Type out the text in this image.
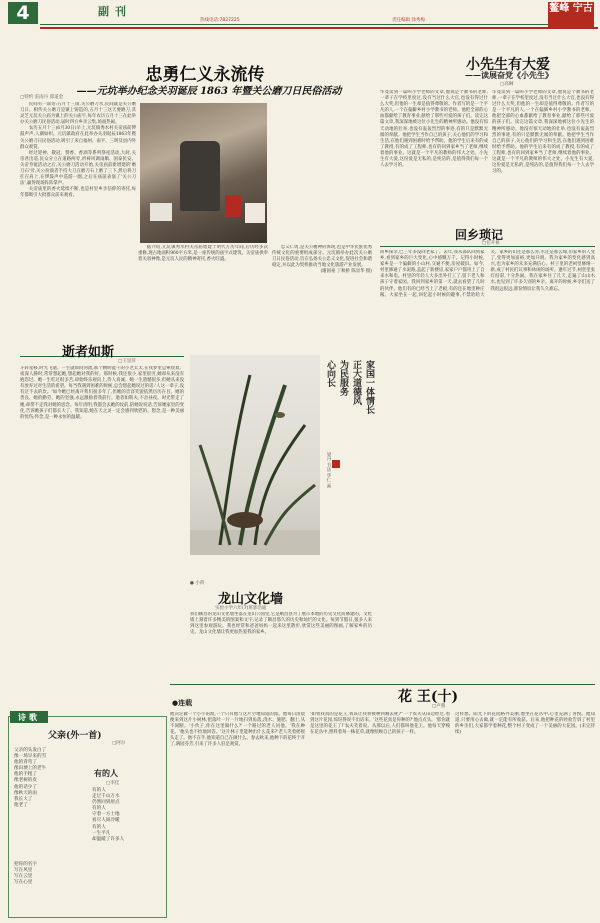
4	副刊
热线电话:7827225	责任编辑 徐秀梅
鳌峰 宁古
忠勇仁义永流传
——元坑举办纪念关羽诞辰 1863 年暨关公磨刀日民俗活动
□特约 雷雨丹 郑道金

民间有一谚语:五月十三雨,关公磨刀水,民间就是关公磨刀日。相传关公磨刀是镇上铸造的,五月十三这天要磨刀,其灵芝元坑关公庙为镇上的关公庙宇,每年农历五月十三在此举办关公磨刀民俗活动,届时四方乡亲云集,场面热闹。

农历五月十三(6月30日)早上,元坑镇秀水村关帝庙前锣鼓声声,人潮如织。元坑镇政府在此举办关羽诞辰1863年暨关公磨刀日民俗活动,吸引了来自福州、南平、三明及县内外群众观赏。

经过迎神、敬冠、赞香、香酒等系列祭祀活动,九时,关帝君出巡,民众分立在道路两旁,祈祷风调雨顺、国泰民安。关帝寿诞活动之后,关公磨刀活动开始,关帝庙前新增建的'磨刀石'旁,关公扮演者手持大刀在磨刀石上磨了三下,然后将刀扛在肩上,在锣鼓声中巡游一圈,之后在庙前表演了'关公刀法',赢得现场阵阵掌声。

关帝庙里的香火延续不断,也是村里乡亲信仰的寄托,每年都吸引大批群众前来观看。

据介绍,元坑镇秀水村关帝庙始建于明代万历年间,后历经多次重修,现占地面积960平方米,是一座传统的庙宇式建筑。关帝庙供奉着关羽神像,是元坑人民的精神寄托,香火旺盛。

忠义仁勇,是关公精神的体现,也是中华民族优秀传统文化的重要组成部分。元坑镇举办此次关公磨刀日民俗活动,旨在弘扬关公忠义文化,促进社会和谐稳定,并以此为契机推动当地文化旅游产业发展。

(谢国豪 丁秋桥 陈显华 摄)

小先生有大爱
——读展奋党《小先生》
□高琳
毕竟读到一篇叫小学老师的文章,他说是个教书的老师,一辈子在学校里度过,没有当过什么大官,也没有得过什么大奖,但他的一生却是值得尊敬的。作者写的是一个平凡的人,一个在偏僻乡村小学教书的老师。他把全部的心血都献给了教育事业,献给了那些可爱的孩子们。读完这篇文章,我深深地被这位小先生的精神所感动。他没有惊天动地的壮举,也没有轰轰烈烈的事迹,有的只是默默无闻的奉献。他把学生当作自己的孩子,关心他们的学习和生活,在他们遇到困难时给予帮助。他的学生后来有的成了教授,有的成了工程师,也有的回到家乡当了老师,继续着他的事业。这就是一个平凡的教师的伟大之处。小先生有大爱,这份爱是无私的,是纯洁的,是值得我们每一个人去学习的。
毕竟读到一篇叫小学老师的文章,他说是个教书的老师,一辈子在学校里度过,没有当过什么大官,也没有得过什么大奖,但他的一生却是值得尊敬的。作者写的是一个平凡的人,一个在偏僻乡村小学教书的老师。他把全部的心血都献给了教育事业,献给了那些可爱的孩子们。读完这篇文章,我深深地被这位小先生的精神所感动。他没有惊天动地的壮举,也没有轰轰烈烈的事迹,有的只是默默无闻的奉献。他把学生当作自己的孩子,关心他们的学习和生活,在他们遇到困难时给予帮助。他的学生后来有的成了教授,有的成了工程师,也有的回到家乡当了老师,继续着他的事业。这就是一个平凡的教师的伟大之处。小先生有大爱,这份爱是无私的,是纯洁的,是值得我们每一个人去学习的。
回乡琐记
□任开祖
回乡探亲,已三年多没回老家了。去年,我从部队回到家乡,看到家乡的巨大变化,心中感慨万千。记得小时候,家乡是一个偏僻的小山村,交通不便,房屋破旧。如今,村里修通了水泥路,盖起了新楼房,家家户户都用上了自来水和电。村里的年轻人大多出外打工了,留下老人和孩子守着家园。我回到家乡的第一天,就去看望了儿时的伙伴。他们有的已经当上了老板,有的还在地里种庄稼。大家坐在一起,回忆起小时候的趣事,不禁哈哈大笑。家乡的山还是那么青,水还是那么绿,但家乡的人变了,变得更加富裕,更加开朗。我为家乡的变化感到高兴,也为家乡的未来充满信心。村子里的老祠堂修缮一新,成了村民们议事和休闲的场所。逢年过节,祠堂里张灯结彩,十分热闹。我在家乡住了几天,走遍了山山水水,也见到了许多久别的乡亲。离开的时候,乡亲们送了我很远很远,那份情谊让我久久难忘。
逝者如斯
□王显萍
斗转星移,时光飞逝。一生就如同河流,那个精明能干的小老太太,在我梦里总萦绕着。夜深人静时,常常想起她,想起她对我的好。那时候,我还很小,家里很穷,她却从来没有抱怨过。她一生吃过很多苦,却始终乐观向上,待人真诚。她一生遗憾很多,但她从来没有放弃过对生活的希望。每当我遇到困难的时候,总会想起她说过的话:'人这一辈子,没有过不去的坎。'如今她已经离开我们很多年了,但她的音容笑貌依然历历在目。她的善良、她的勤劳、她的坚强,永远激励着我前行。逝者如斯夫,不舍昼夜。时光带走了她,却带不走我对她的思念。每年清明,我都会去她的坟前,陪她说说话,告诉她家里的变化,告诉她孩子们都长大了。我知道,她在天之灵一定会感到欣慰的。想念,是一种美丽的忧伤;怀念,是一种永恒的温暖。
家国一体情长
正大道德风
为民服务
心向长
梁丹 书法 华仁 画
● 小荷
龙山文化墙
实验小学六年(7)班郭浩迪
我们顺昌的龙山文化墙坐落在龙山公园里,它是顺昌县为了展示本地的历史文化而修建的。文化墙上刻着许多精美的图案和文字,记录了顺昌悠久的历史和灿烂的文化。每到节假日,很多人来到这里参观游玩。我也经常和爸爸妈妈一起来这里散步,欣赏这些美丽的图画,了解家乡的历史。龙山文化墙让我更加热爱我的家乡。
●连载	花 王(十)
□卢燕
他决定做一个小小的派,一个只有他与这片空地知道的派。他每日清晨便来到这片小树林,把落叶一片一片地扫到角落,浇水、施肥、翻土,从不间断。'小伙子,你在这里做什么?'一个路过的老人问他。'我在种花。'他头也不抬地回答。'这片林子里能种出什么花来?'老人笑着摇摇头走了。他不在乎,他知道自己在做什么。春去秋来,他种下的花终于开了,满园芬芳,引来了许多人驻足观赏。
'如果我真的是花王,我该让我将被种到哪去呢?''一个农夫从田边经过,看到这片花园,惊讶得说不出话来。'这些花真是你种的?'他点点头。'那你就是这里的花王了!'农夫笑着说。从那以后,人们都叫他花王。他每天穿梭在花丛中,照料着每一株花草,就像照顾自己的孩子一样。
这样想。阳光下的花园格外美丽,他坐在花丛中,心里充满了喜悦。他知道,只要用心去做,就一定能有所收获。后来,他把种花的经验告诉了村里的乡亲们,大家都学着种花,整个村子变成了一个美丽的大花园。(未完待续)
诗歌
父亲(外一首)
□阿尔
父亲的头发白了
像一场早来的雪
他的背弯了
像田埂上的老牛
他的手粗了
像老树的皮
他的话少了
像秋天的雨
我长大了
他老了
有的人
□李佳
有的人
走过千山万水
仍然回到原点
有的人
守着一方土地
看尽人间冷暖
有的人
一生平凡
却温暖了许多人
把你的名字
写在风里
写在云里
写在心里
